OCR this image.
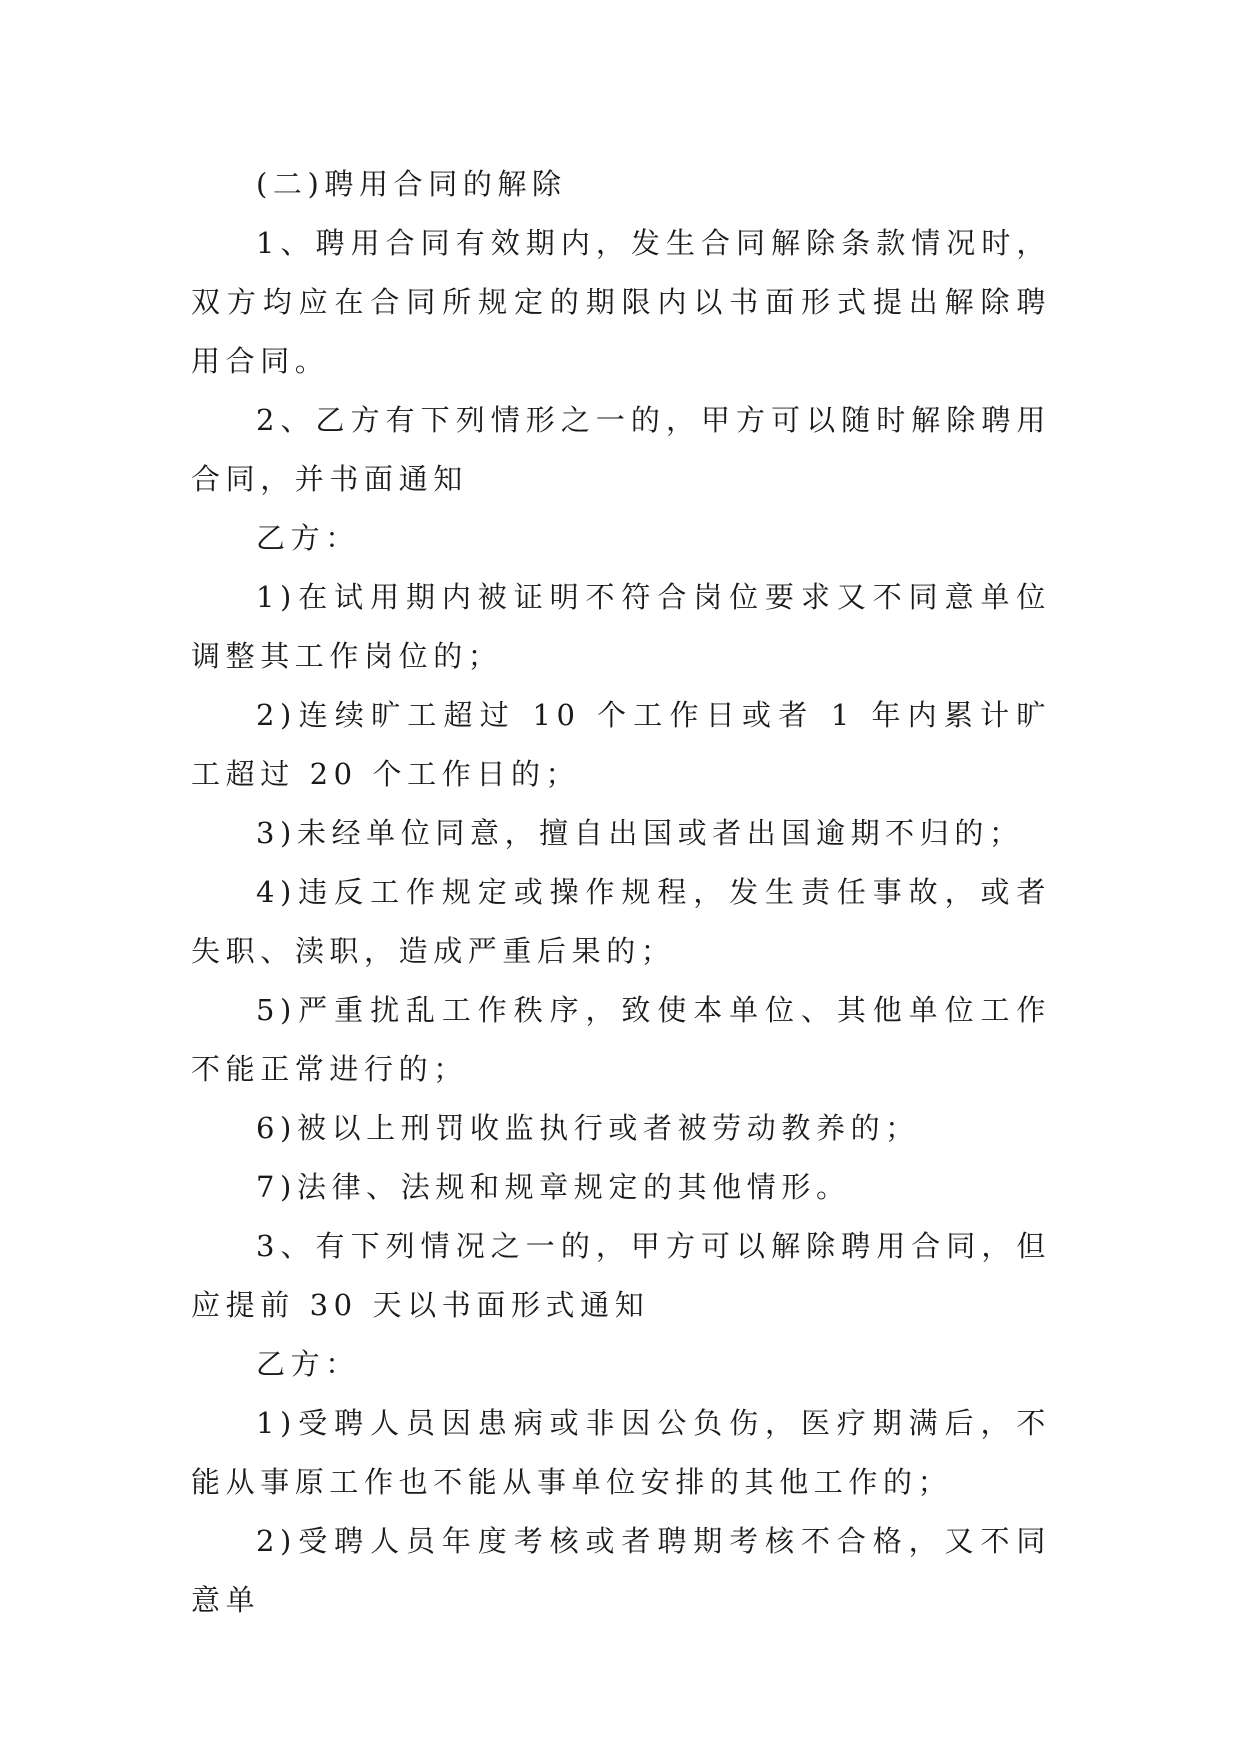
(二)聘用合同的解除

1、聘用合同有效期内，发生合同解除条款情况时，双方均应在合同所规定的期限内以书面形式提出解除聘用合同。

2、乙方有下列情形之一的，甲方可以随时解除聘用合同，并书面通知

乙方：

1)在试用期内被证明不符合岗位要求又不同意单位调整其工作岗位的；

2)连续旷工超过 10 个工作日或者 1 年内累计旷工超过 20 个工作日的；

3)未经单位同意，擅自出国或者出国逾期不归的；

4)违反工作规定或操作规程，发生责任事故，或者失职、渎职，造成严重后果的；

5)严重扰乱工作秩序，致使本单位、其他单位工作不能正常进行的；

6)被以上刑罚收监执行或者被劳动教养的；

7)法律、法规和规章规定的其他情形。

3、有下列情况之一的，甲方可以解除聘用合同，但应提前 30 天以书面形式通知

乙方：

1)受聘人员因患病或非因公负伤，医疗期满后，不能从事原工作也不能从事单位安排的其他工作的；

2)受聘人员年度考核或者聘期考核不合格，又不同意单
